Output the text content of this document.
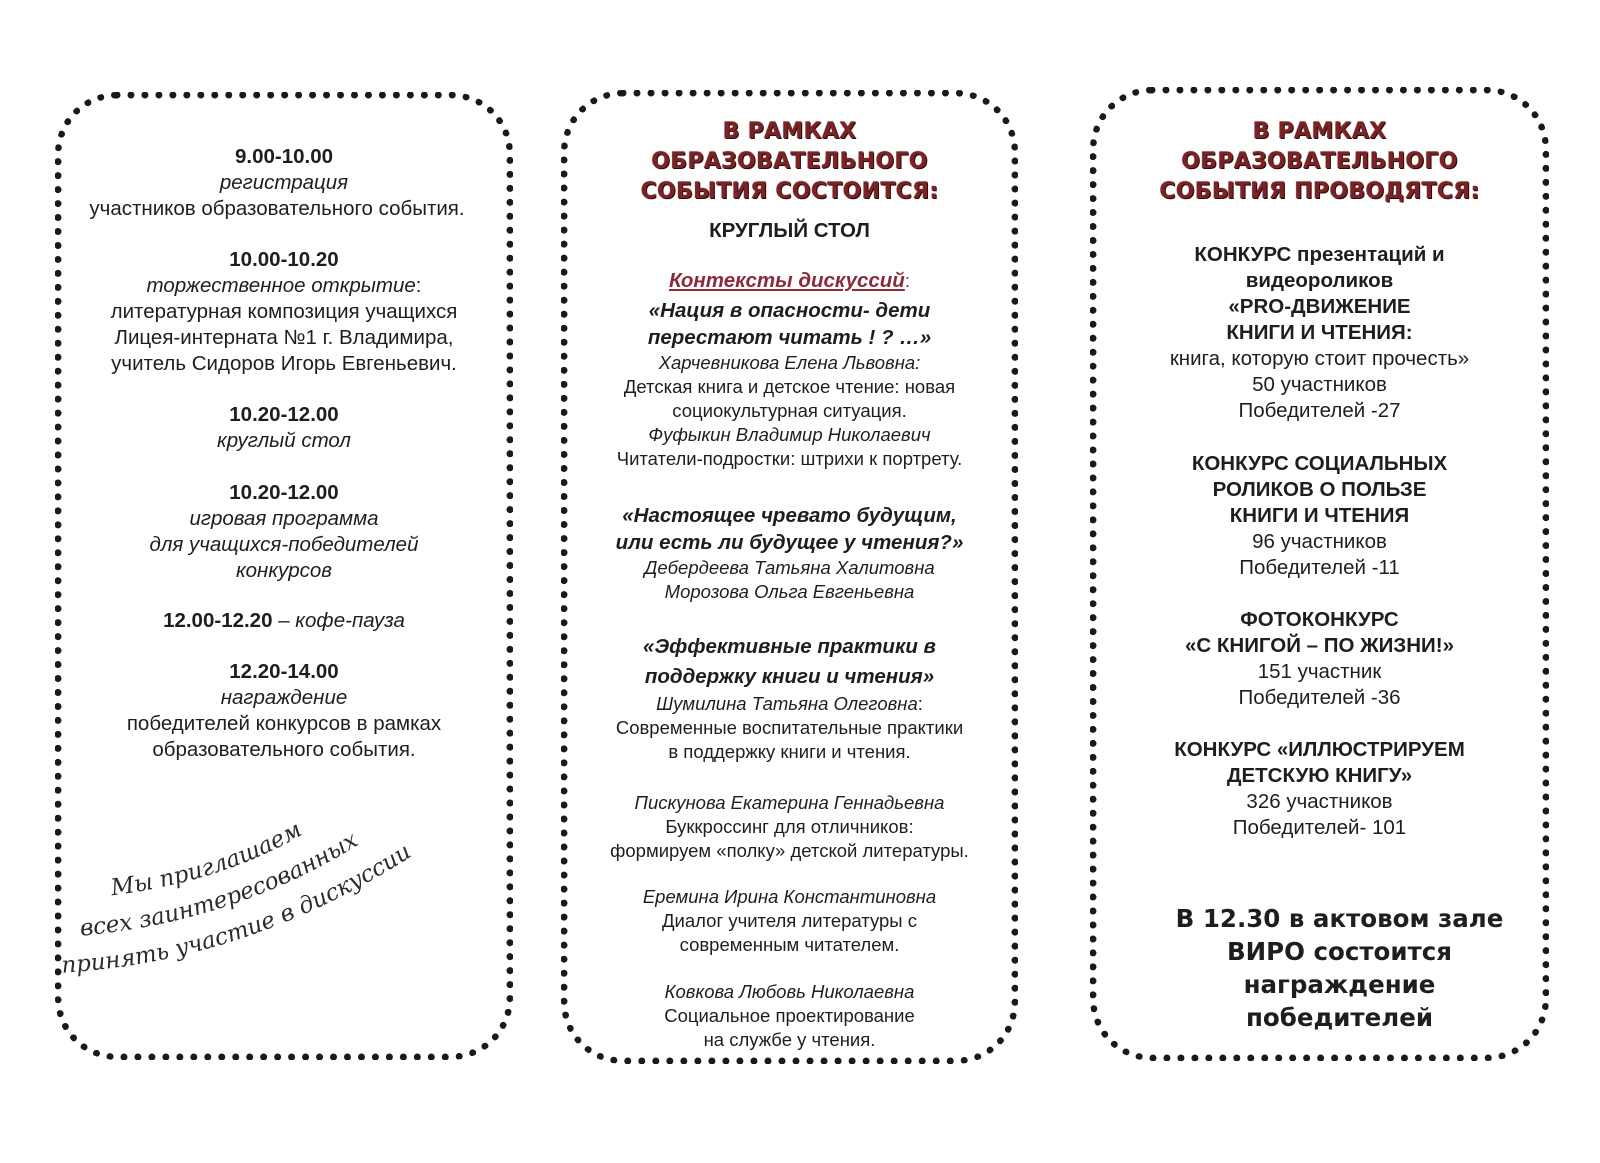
9.00-10.00
регистрация
участников образовательного события.
10.00-10.20
торжественное открытие:
литературная композиция учащихся
Лицея-интерната №1 г. Владимира,
учитель Сидоров Игорь Евгеньевич.
10.20-12.00
круглый стол
10.20-12.00
игровая программа
для учащихся-победителей
конкурсов
12.00-12.20 – кофе-пауза
12.20-14.00
награждение
победителей конкурсов в рамках
образовательного события.
Мы приглашаем
всех заинтересованных
принять участие в дискуссии
В РАМКАХ
ОБРАЗОВАТЕЛЬНОГО
СОБЫТИЯ СОСТОИТСЯ:
КРУГЛЫЙ СТОЛ
Контексты дискуссий:
«Нация в опасности- дети
перестают читать ! ? …»
Харчевникова Елена Львовна:
Детская книга и детское чтение: новая
социокультурная ситуация.
Фуфыкин Владимир Николаевич
Читатели-подростки: штрихи к портрету.
«Настоящее чревато будущим,
или есть ли будущее у чтения?»
Дебердеева Татьяна Халитовна
Морозова Ольга Евгеньевна
«Эффективные практики в
поддержку книги и чтения»
Шумилина Татьяна Олеговна:
Современные воспитательные практики
в поддержку книги и чтения.
Пискунова Екатерина Геннадьевна
Буккроссинг для отличников:
формируем «полку» детской литературы.
Еремина Ирина Константиновна
Диалог учителя литературы с
современным читателем.
Ковкова Любовь Николаевна
Социальное проектирование
на службе у чтения.
В РАМКАХ
ОБРАЗОВАТЕЛЬНОГО
СОБЫТИЯ ПРОВОДЯТСЯ:
КОНКУРС презентаций и
видеороликов
«PRO-ДВИЖЕНИЕ
КНИГИ И ЧТЕНИЯ:
книга, которую стоит прочесть»
50 участников
Победителей -27
КОНКУРС СОЦИАЛЬНЫХ
РОЛИКОВ О ПОЛЬЗЕ
КНИГИ И ЧТЕНИЯ
96 участников
Победителей -11
ФОТОКОНКУРС
«С КНИГОЙ – ПО ЖИЗНИ!»
151 участник
Победителей -36
КОНКУРС «ИЛЛЮСТРИРУЕМ
ДЕТСКУЮ КНИГУ»
326 участников
Победителей- 101
В 12.30 в актовом зале
ВИРО состоится
награждение
победителей
